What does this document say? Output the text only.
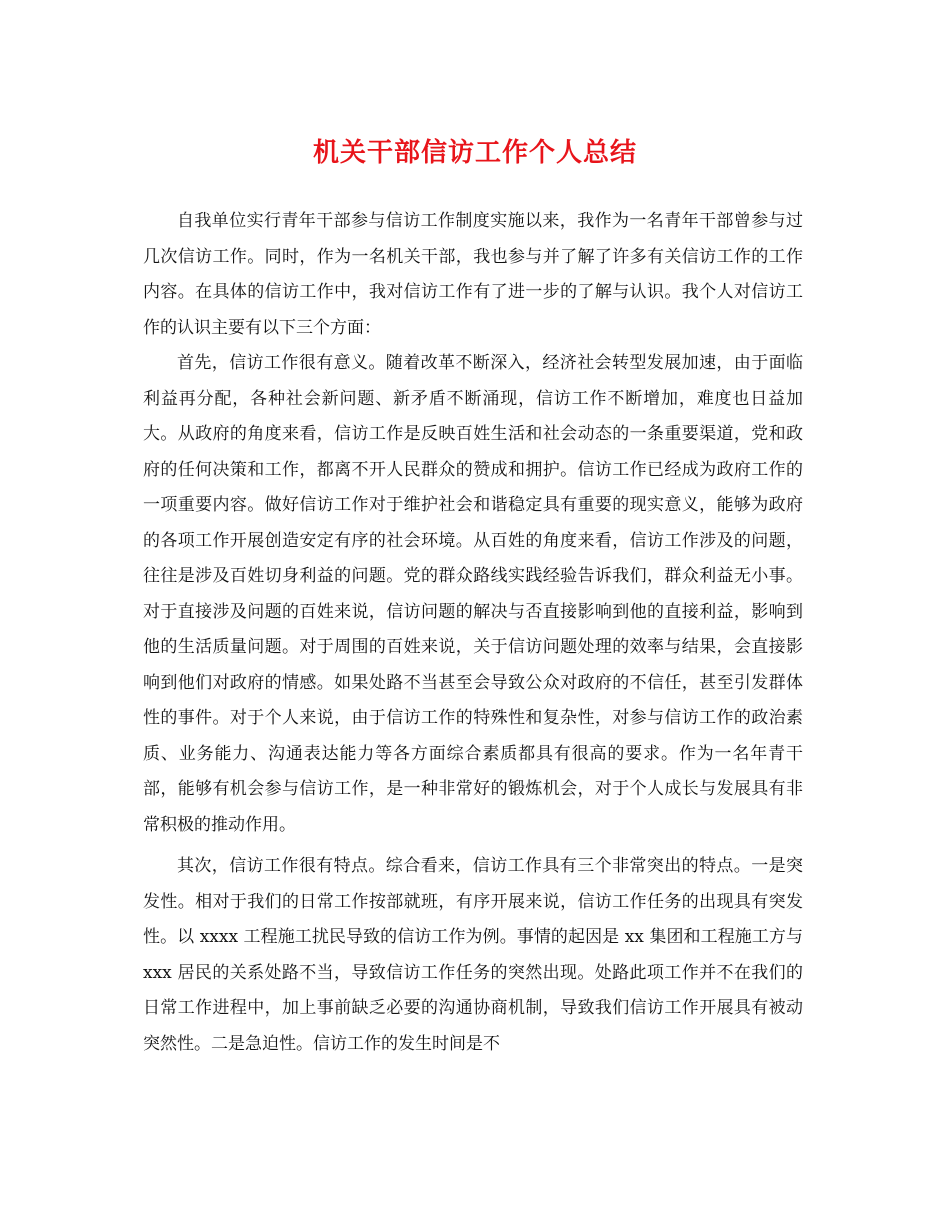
机关干部信访工作个人总结

自我单位实行青年干部参与信访工作制度实施以来，我作为一名青年干部曾参与过几次信访工作。同时，作为一名机关干部，我也参与并了解了许多有关信访工作的工作内容。在具体的信访工作中，我对信访工作有了进一步的了解与认识。我个人对信访工作的认识主要有以下三个方面：

首先，信访工作很有意义。随着改革不断深入，经济社会转型发展加速，由于面临利益再分配，各种社会新问题、新矛盾不断涌现，信访工作不断增加，难度也日益加大。从政府的角度来看，信访工作是反映百姓生活和社会动态的一条重要渠道，党和政府的任何决策和工作，都离不开人民群众的赞成和拥护。信访工作已经成为政府工作的一项重要内容。做好信访工作对于维护社会和谐稳定具有重要的现实意义，能够为政府的各项工作开展创造安定有序的社会环境。从百姓的角度来看，信访工作涉及的问题，往往是涉及百姓切身利益的问题。党的群众路线实践经验告诉我们，群众利益无小事。对于直接涉及问题的百姓来说，信访问题的解决与否直接影响到他的直接利益，影响到他的生活质量问题。对于周围的百姓来说，关于信访问题处理的效率与结果，会直接影响到他们对政府的情感。如果处路不当甚至会导致公众对政府的不信任，甚至引发群体性的事件。对于个人来说，由于信访工作的特殊性和复杂性，对参与信访工作的政治素质、业务能力、沟通表达能力等各方面综合素质都具有很高的要求。作为一名年青干部，能够有机会参与信访工作，是一种非常好的锻炼机会，对于个人成长与发展具有非常积极的推动作用。

其次，信访工作很有特点。综合看来，信访工作具有三个非常突出的特点。一是突发性。相对于我们的日常工作按部就班，有序开展来说，信访工作任务的出现具有突发性。以 xxxx 工程施工扰民导致的信访工作为例。事情的起因是 xx 集团和工程施工方与 xxx 居民的关系处路不当，导致信访工作任务的突然出现。处路此项工作并不在我们的日常工作进程中，加上事前缺乏必要的沟通协商机制，导致我们信访工作开展具有被动突然性。二是急迫性。信访工作的发生时间是不
